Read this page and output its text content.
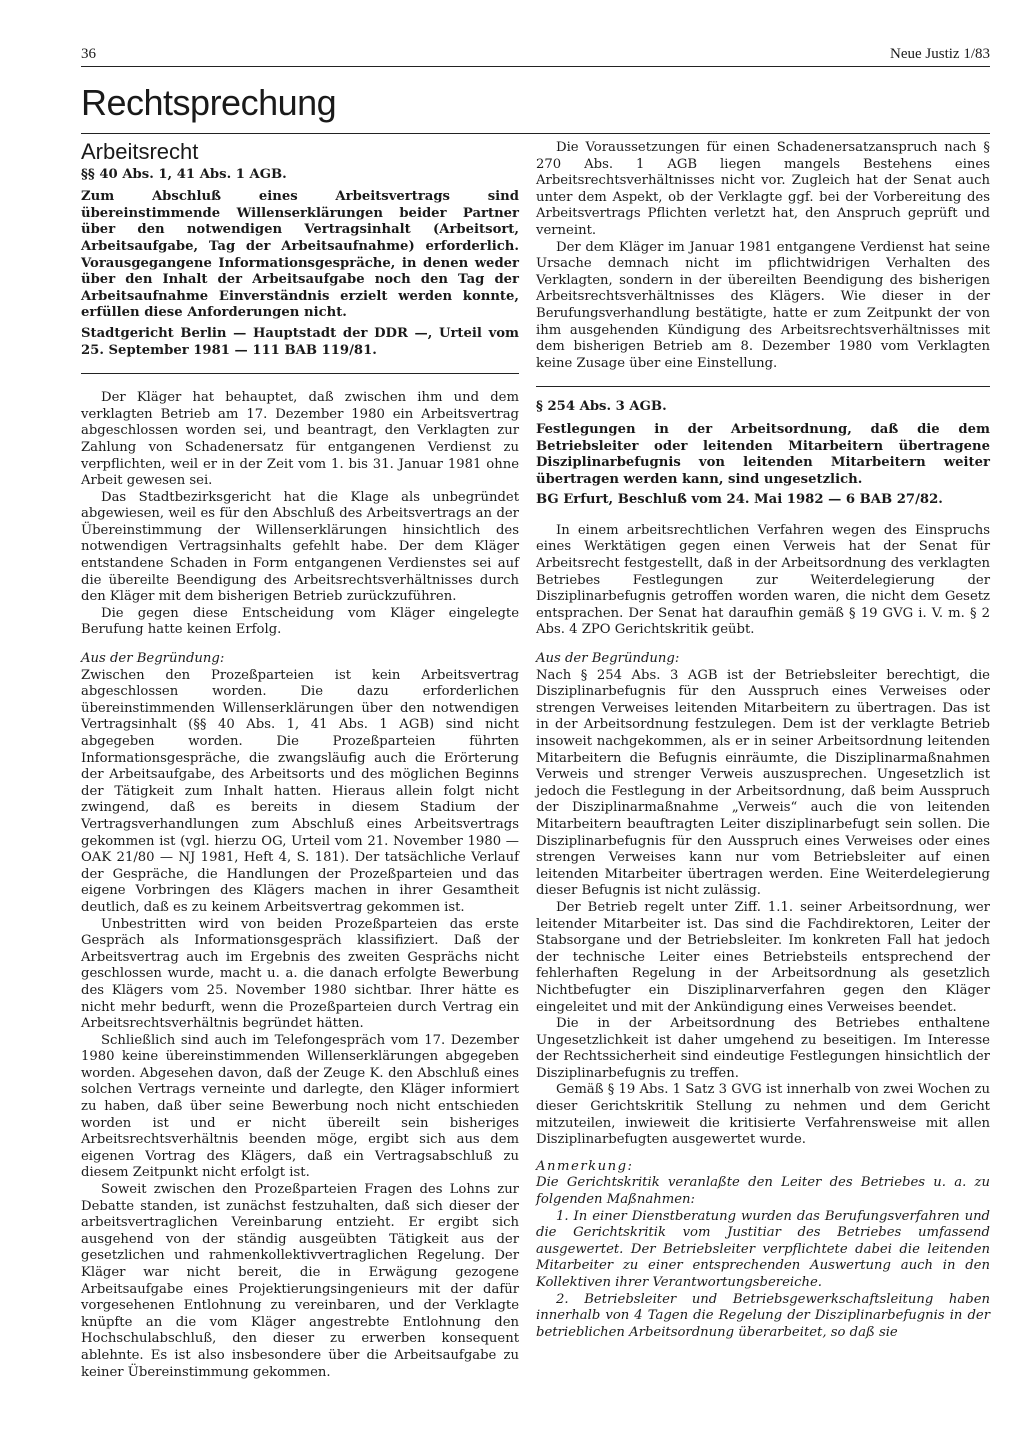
36	Neue Justiz 1/83
Rechtsprechung
Arbeitsrecht
§§ 40 Abs. 1, 41 Abs. 1 AGB.
Zum Abschluß eines Arbeitsvertrags sind übereinstimmende Willenserklärungen beider Partner über den notwendigen Vertragsinhalt (Arbeitsort, Arbeitsaufgabe, Tag der Arbeitsaufnahme) erforderlich. Vorausgegangene Informationsgespräche, in denen weder über den Inhalt der Arbeitsaufgabe noch den Tag der Arbeitsaufnahme Einverständnis erzielt werden konnte, erfüllen diese Anforderungen nicht.
Stadtgericht Berlin — Hauptstadt der DDR —, Urteil vom 25. September 1981 — 111 BAB 119/81.

Der Kläger hat behauptet, daß zwischen ihm und dem verklagten Betrieb am 17. Dezember 1980 ein Arbeitsvertrag abgeschlossen worden sei, und beantragt, den Verklagten zur Zahlung von Schadenersatz für entgangenen Verdienst zu verpflichten, weil er in der Zeit vom 1. bis 31. Januar 1981 ohne Arbeit gewesen sei.

Das Stadtbezirksgericht hat die Klage als unbegründet abgewiesen, weil es für den Abschluß des Arbeitsvertrags an der Übereinstimmung der Willenserklärungen hinsichtlich des notwendigen Vertragsinhalts gefehlt habe. Der dem Kläger entstandene Schaden in Form entgangenen Verdienstes sei auf die übereilte Beendigung des Arbeitsrechtsverhältnisses durch den Kläger mit dem bisherigen Betrieb zurückzuführen.

Die gegen diese Entscheidung vom Kläger eingelegte Berufung hatte keinen Erfolg.

Aus der Begründung:

Zwischen den Prozeßparteien ist kein Arbeitsvertrag abgeschlossen worden. Die dazu erforderlichen übereinstimmenden Willenserklärungen über den notwendigen Vertragsinhalt (§§ 40 Abs. 1, 41 Abs. 1 AGB) sind nicht abgegeben worden. Die Prozeßparteien führten Informationsgespräche, die zwangsläufig auch die Erörterung der Arbeitsaufgabe, des Arbeitsorts und des möglichen Beginns der Tätigkeit zum Inhalt hatten. Hieraus allein folgt nicht zwingend, daß es bereits in diesem Stadium der Vertragsverhandlungen zum Abschluß eines Arbeitsvertrags gekommen ist (vgl. hierzu OG, Urteil vom 21. November 1980 — OAK 21/80 — NJ 1981, Heft 4, S. 181). Der tatsächliche Verlauf der Gespräche, die Handlungen der Prozeßparteien und das eigene Vorbringen des Klägers machen in ihrer Gesamtheit deutlich, daß es zu keinem Arbeitsvertrag gekommen ist.

Unbestritten wird von beiden Prozeßparteien das erste Gespräch als Informationsgespräch klassifiziert. Daß der Arbeitsvertrag auch im Ergebnis des zweiten Gesprächs nicht geschlossen wurde, macht u. a. die danach erfolgte Bewerbung des Klägers vom 25. November 1980 sichtbar. Ihrer hätte es nicht mehr bedurft, wenn die Prozeßparteien durch Vertrag ein Arbeitsrechtsverhältnis begründet hätten.

Schließlich sind auch im Telefongespräch vom 17. Dezember 1980 keine übereinstimmenden Willenserklärungen abgegeben worden. Abgesehen davon, daß der Zeuge K. den Abschluß eines solchen Vertrags verneinte und darlegte, den Kläger informiert zu haben, daß über seine Bewerbung noch nicht entschieden worden ist und er nicht übereilt sein bisheriges Arbeitsrechtsverhältnis beenden möge, ergibt sich aus dem eigenen Vortrag des Klägers, daß ein Vertragsabschluß zu diesem Zeitpunkt nicht erfolgt ist.

Soweit zwischen den Prozeßparteien Fragen des Lohns zur Debatte standen, ist zunächst festzuhalten, daß sich dieser der arbeitsvertraglichen Vereinbarung entzieht. Er ergibt sich ausgehend von der ständig ausgeübten Tätigkeit aus der gesetzlichen und rahmenkollektivvertraglichen Regelung. Der Kläger war nicht bereit, die in Erwägung gezogene Arbeitsaufgabe eines Projektierungsingenieurs mit der dafür vorgesehenen Entlohnung zu vereinbaren, und der Verklagte knüpfte an die vom Kläger angestrebte Entlohnung den Hochschulabschluß, den dieser zu erwerben konsequent ablehnte. Es ist also insbesondere über die Arbeitsaufgabe zu keiner Übereinstimmung gekommen.

Die Voraussetzungen für einen Schadenersatzanspruch nach § 270 Abs. 1 AGB liegen mangels Bestehens eines Arbeitsrechtsverhältnisses nicht vor. Zugleich hat der Senat auch unter dem Aspekt, ob der Verklagte ggf. bei der Vorbereitung des Arbeitsvertrags Pflichten verletzt hat, den Anspruch geprüft und verneint.

Der dem Kläger im Januar 1981 entgangene Verdienst hat seine Ursache demnach nicht im pflichtwidrigen Verhalten des Verklagten, sondern in der übereilten Beendigung des bisherigen Arbeitsrechtsverhältnisses des Klägers. Wie dieser in der Berufungsverhandlung bestätigte, hatte er zum Zeitpunkt der von ihm ausgehenden Kündigung des Arbeitsrechtsverhältnisses mit dem bisherigen Betrieb am 8. Dezember 1980 vom Verklagten keine Zusage über eine Einstellung.

§ 254 Abs. 3 AGB.
Festlegungen in der Arbeitsordnung, daß die dem Betriebsleiter oder leitenden Mitarbeitern übertragene Disziplinarbefugnis von leitenden Mitarbeitern weiter übertragen werden kann, sind ungesetzlich.
BG Erfurt, Beschluß vom 24. Mai 1982 — 6 BAB 27/82.

In einem arbeitsrechtlichen Verfahren wegen des Einspruchs eines Werktätigen gegen einen Verweis hat der Senat für Arbeitsrecht festgestellt, daß in der Arbeitsordnung des verklagten Betriebes Festlegungen zur Weiterdelegierung der Disziplinarbefugnis getroffen worden waren, die nicht dem Gesetz entsprachen. Der Senat hat daraufhin gemäß § 19 GVG i. V. m. § 2 Abs. 4 ZPO Gerichtskritik geübt.

Aus der Begründung:

Nach § 254 Abs. 3 AGB ist der Betriebsleiter berechtigt, die Disziplinarbefugnis für den Ausspruch eines Verweises oder strengen Verweises leitenden Mitarbeitern zu übertragen. Das ist in der Arbeitsordnung festzulegen. Dem ist der verklagte Betrieb insoweit nachgekommen, als er in seiner Arbeitsordnung leitenden Mitarbeitern die Befugnis einräumte, die Disziplinarmaßnahmen Verweis und strenger Verweis auszusprechen. Ungesetzlich ist jedoch die Festlegung in der Arbeitsordnung, daß beim Ausspruch der Disziplinarmaßnahme „Verweis“ auch die von leitenden Mitarbeitern beauftragten Leiter disziplinarbefugt sein sollen. Die Disziplinarbefugnis für den Ausspruch eines Verweises oder eines strengen Verweises kann nur vom Betriebsleiter auf einen leitenden Mitarbeiter übertragen werden. Eine Weiterdelegierung dieser Befugnis ist nicht zulässig.

Der Betrieb regelt unter Ziff. 1.1. seiner Arbeitsordnung, wer leitender Mitarbeiter ist. Das sind die Fachdirektoren, Leiter der Stabsorgane und der Betriebsleiter. Im konkreten Fall hat jedoch der technische Leiter eines Betriebsteils entsprechend der fehlerhaften Regelung in der Arbeitsordnung als gesetzlich Nichtbefugter ein Disziplinarverfahren gegen den Kläger eingeleitet und mit der Ankündigung eines Verweises beendet.

Die in der Arbeitsordnung des Betriebes enthaltene Ungesetzlichkeit ist daher umgehend zu beseitigen. Im Interesse der Rechtssicherheit sind eindeutige Festlegungen hinsichtlich der Disziplinarbefugnis zu treffen.

Gemäß § 19 Abs. 1 Satz 3 GVG ist innerhalb von zwei Wochen zu dieser Gerichtskritik Stellung zu nehmen und dem Gericht mitzuteilen, inwieweit die kritisierte Verfahrensweise mit allen Disziplinarbefugten ausgewertet wurde.

Anmerkung:

Die Gerichtskritik veranlaßte den Leiter des Betriebes u. a. zu folgenden Maßnahmen:

1. In einer Dienstberatung wurden das Berufungsverfahren und die Gerichtskritik vom Justitiar des Betriebes umfassend ausgewertet. Der Betriebsleiter verpflichtete dabei die leitenden Mitarbeiter zu einer entsprechenden Auswertung auch in den Kollektiven ihrer Verantwortungsbereiche.

2. Betriebsleiter und Betriebsgewerkschaftsleitung haben innerhalb von 4 Tagen die Regelung der Disziplinarbefugnis in der betrieblichen Arbeitsordnung überarbeitet, so daß sie
